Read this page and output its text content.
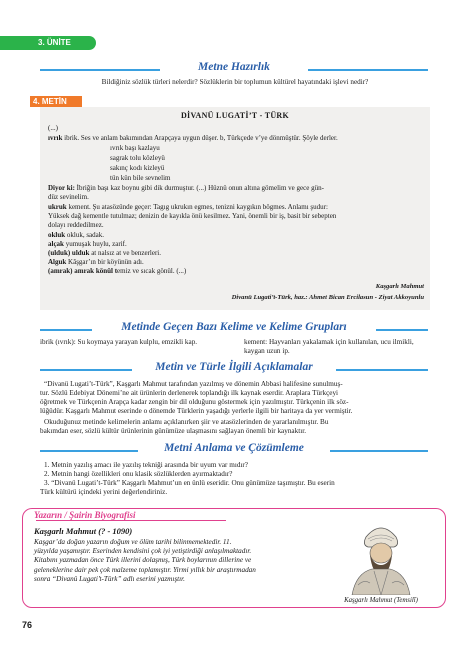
3. ÜNİTE
Metne Hazırlık
Bildiğiniz sözlük türleri nelerdir? Sözlüklerin bir toplumun kültürel hayatındaki işlevi nedir?
4. METİN
DİVANÜ LUGATİ’T - TÜRK
(...)
ıvrık ibrik. Ses ve anlam bakımından Arapçaya uygun düşer. b, Türkçede v’ye dönmüştür. Şöyle derler.
ıvrık başı kazlayu
sagrak tolu közleyü
sakınç kodı kizleyü
tün kün bile sevnelim
Diyor ki: İbriğin başı kaz boynu gibi dik durmuştur. (...) Hüznü onun altına gömelim ve gece gün-
düz sevinelim.
ukruk kement. Şu atasözünde geçer: Tagıg ukrukın egmes, tenizni kaygıkın bögmes. Anlamı şudur:
Yüksek dağ kementle tutulmaz; denizin de kayıkla önü kesilmez. Yani, önemli bir iş, basit bir sebepten
dolayı reddedilmez.
okluk okluk, sadak.
alçak yumuşak huylu, zarif.
(ulduk) ulduk at nalsız at ve benzerleri.
Alguk Kâşgar’ın bir köyünün adı.
(amrak) amrak könül temiz ve sıcak gönül. (...)
Kaşgarlı Mahmut
Divanü Lugati’t-Türk, haz.: Ahmet Bican Ercilasun - Ziyat Akkoyunlu
Metinde Geçen Bazı Kelime ve Kelime Grupları
ibrik (ıvrık): Su koymaya yarayan kulplu, emzikli kap.	kement: Hayvanları yakalamak için kullanılan, ucu ilmikli, kaygan uzun ip.
Metin ve Türle İlgili Açıklamalar
“Divanü Lugati’t-Türk”, Kaşgarlı Mahmut tarafından yazılmış ve dönemin Abbasi halifesine sunulmuş-
tur. Sözlü Edebiyat Dönemi’ne ait ürünlerin derlenerek toplandığı ilk kaynak eserdir. Araplara Türkçeyi
öğretmek ve Türkçenin Arapça kadar zengin bir dil olduğunu göstermek için yazılmıştır. Türkçenin ilk söz-
lüğüdür. Kaşgarlı Mahmut eserinde o dönemde Türklerin yaşadığı yerlerle ilgili bir haritaya da yer vermiştir.
Okuduğunuz metinde kelimelerin anlamı açıklanırken şiir ve atasözlerinden de yararlanılmıştır. Bu
bakımdan eser, sözlü kültür ürünlerinin günümüze ulaşmasını sağlayan önemli bir kaynaktır.
Metni Anlama ve Çözümleme
1. Metnin yazılış amacı ile yazılış tekniği arasında bir uyum var mıdır?
2. Metnin hangi özellikleri onu klasik sözlüklerden ayırmaktadır?
3. “Divanü Lugati’t-Türk” Kaşgarlı Mahmut’un en ünlü eseridir. Onu günümüze taşımıştır. Bu eserin
Türk kültürü içindeki yerini değerlendiriniz.
Yazarın / Şairin Biyografisi
Kaşgarlı Mahmut (? - 1090)
Kaşgar’da doğan yazarın doğum ve ölüm tarihi bilinmemektedir. 11.
yüzyılda yaşamıştır. Eserinden kendisini çok iyi yetiştirdiği anlaşılmaktadır.
Kitabını yazmadan önce Türk illerini dolaşmış, Türk boylarının dillerine ve
geleneklerine dair pek çok malzeme toplamıştır. Yirmi yıllık bir araştırmadan
sonra “Divanü Lugati’t-Türk” adlı eserini yazmıştır.
Kaşgarlı Mahmut (Temsilî)
76
